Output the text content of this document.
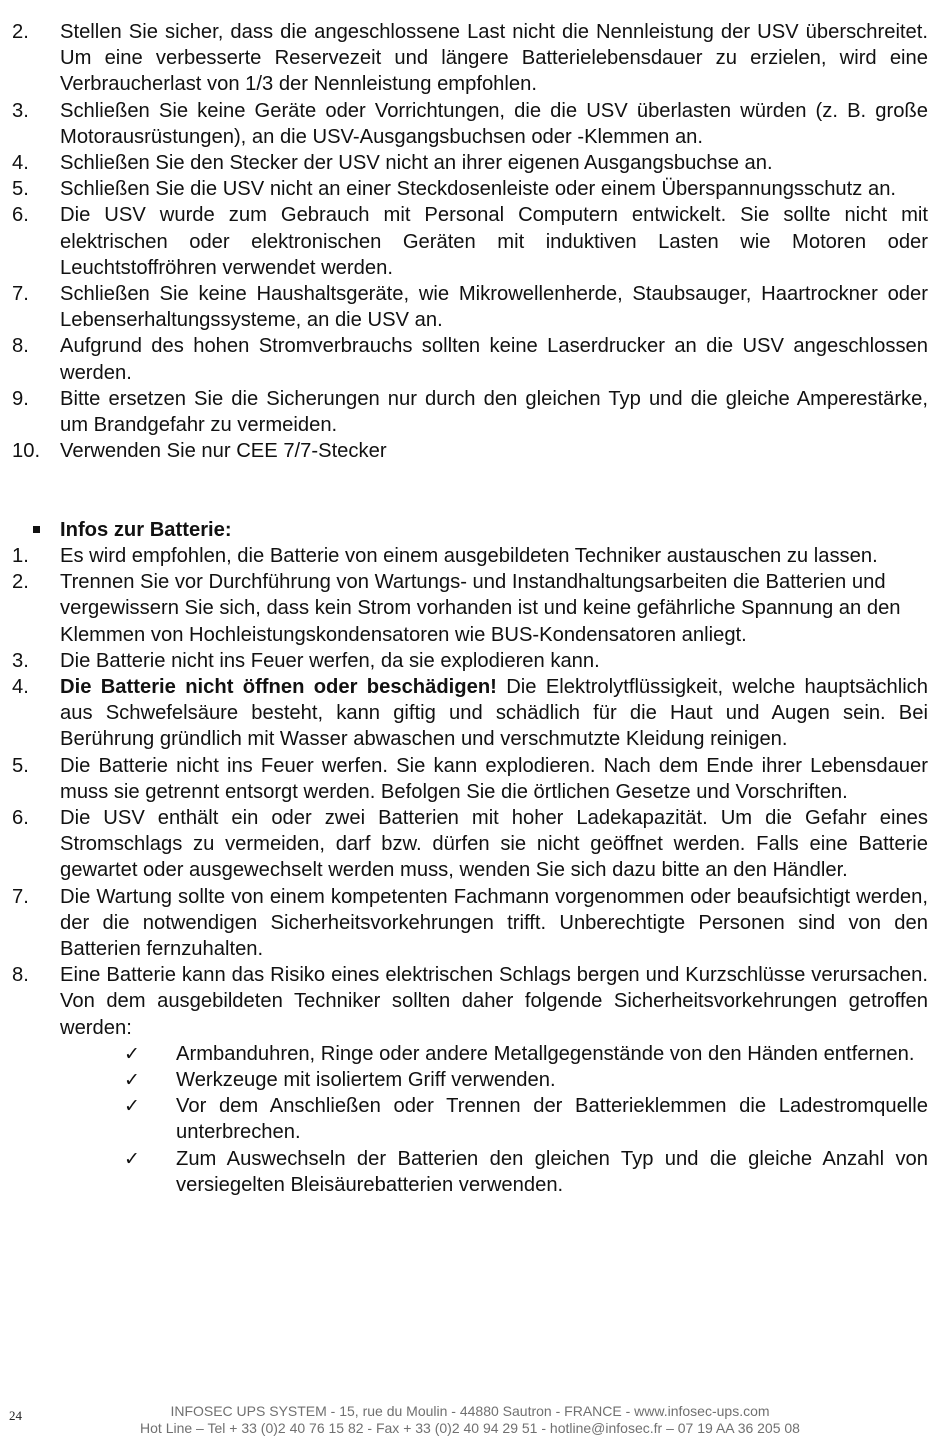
2.	Stellen Sie sicher, dass die angeschlossene Last nicht die Nennleistung der USV überschreitet. Um eine verbesserte Reservezeit und längere Batterielebensdauer zu erzielen, wird eine Verbraucherlast von 1/3 der Nennleistung empfohlen.
3.	Schließen Sie keine Geräte oder Vorrichtungen, die die USV überlasten würden (z. B. große Motorausrüstungen), an die USV-Ausgangsbuchsen oder -Klemmen an.
4.	Schließen Sie den Stecker der USV nicht an ihrer eigenen Ausgangsbuchse an.
5.	Schließen Sie die USV nicht an einer Steckdosenleiste oder einem Überspannungsschutz an.
6.	Die USV wurde zum Gebrauch mit Personal Computern entwickelt. Sie sollte nicht mit elektrischen oder elektronischen Geräten mit induktiven Lasten wie Motoren oder Leuchtstoffröhren verwendet werden.
7.	Schließen Sie keine Haushaltsgeräte, wie Mikrowellenherde, Staubsauger, Haartrockner oder Lebenserhaltungssysteme, an die USV an.
8.	Aufgrund des hohen Stromverbrauchs sollten keine Laserdrucker an die USV angeschlossen werden.
9.	Bitte ersetzen Sie die Sicherungen nur durch den gleichen Typ und die gleiche Amperestärke, um Brandgefahr zu vermeiden.
10. Verwenden Sie nur CEE 7/7-Stecker
Infos zur Batterie:
1.	Es wird empfohlen, die Batterie von einem ausgebildeten Techniker austauschen zu lassen.
2.	Trennen Sie vor Durchführung von Wartungs- und Instandhaltungsarbeiten die Batterien und vergewissern Sie sich, dass kein Strom vorhanden ist und keine gefährliche Spannung an den Klemmen von Hochleistungskondensatoren wie BUS-Kondensatoren anliegt.
3.	Die Batterie nicht ins Feuer werfen, da sie explodieren kann.
4.	Die Batterie nicht öffnen oder beschädigen! Die Elektrolytflüssigkeit, welche hauptsächlich aus Schwefelsäure besteht, kann giftig und schädlich für die Haut und Augen sein. Bei Berührung gründlich mit Wasser abwaschen und verschmutzte Kleidung reinigen.
5.	Die Batterie nicht ins Feuer werfen. Sie kann explodieren. Nach dem Ende ihrer Lebensdauer muss sie getrennt entsorgt werden. Befolgen Sie die örtlichen Gesetze und Vorschriften.
6.	Die USV enthält ein oder zwei Batterien mit hoher Ladekapazität. Um die Gefahr eines Stromschlags zu vermeiden, darf bzw. dürfen sie nicht geöffnet werden. Falls eine Batterie gewartet oder ausgewechselt werden muss, wenden Sie sich dazu bitte an den Händler.
7.	Die Wartung sollte von einem kompetenten Fachmann vorgenommen oder beaufsichtigt werden, der die notwendigen Sicherheitsvorkehrungen trifft. Unberechtigte Personen sind von den Batterien fernzuhalten.
8.	Eine Batterie kann das Risiko eines elektrischen Schlags bergen und Kurzschlüsse verursachen. Von dem ausgebildeten Techniker sollten daher folgende Sicherheitsvorkehrungen getroffen werden:
✓	Armbanduhren, Ringe oder andere Metallgegenstände von den Händen entfernen.
✓	Werkzeuge mit isoliertem Griff verwenden.
✓	Vor dem Anschließen oder Trennen der Batterieklemmen die Ladestromquelle unterbrechen.
✓	Zum Auswechseln der Batterien den gleichen Typ und die gleiche Anzahl von versiegelten Bleisäurebatterien verwenden.
24	INFOSEC UPS SYSTEM - 15, rue du Moulin - 44880 Sautron - FRANCE - www.infosec-ups.com
Hot Line – Tel + 33 (0)2 40 76 15 82 - Fax + 33 (0)2 40 94 29 51 - hotline@infosec.fr – 07 19 AA 36 205 08
